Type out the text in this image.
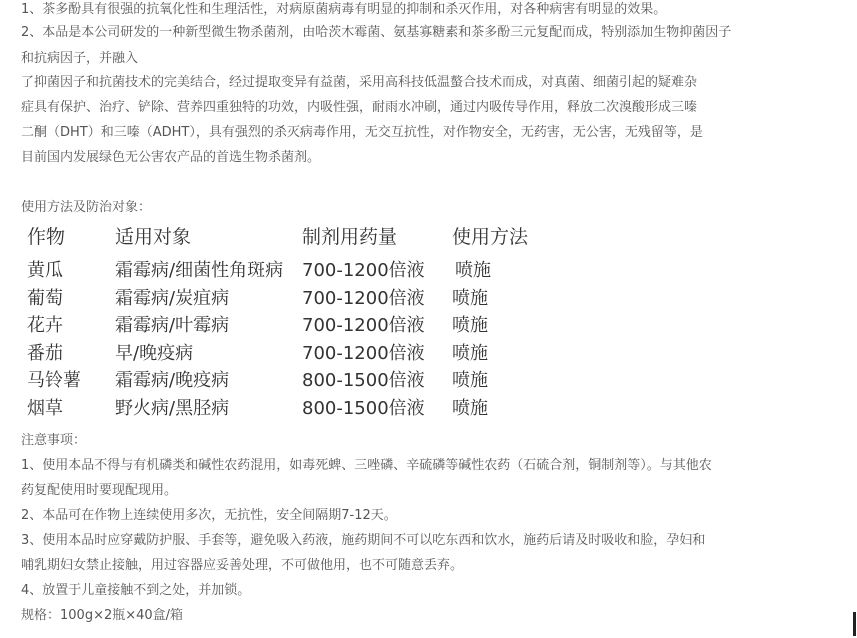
1、茶多酚具有很强的抗氧化性和生理活性，对病原菌病毒有明显的抑制和杀灭作用，对各种病害有明显的效果。
2、本品是本公司研发的一种新型微生物杀菌剂，由哈茨木霉菌、氨基寡糖素和茶多酚三元复配而成，特别添加生物抑菌因子
和抗病因子，并融入
了抑菌因子和抗菌技术的完美结合，经过提取变异有益菌，采用高科技低温螯合技术而成，对真菌、细菌引起的疑难杂
症具有保护、治疗、铲除、营养四重独特的功效，内吸性强，耐雨水冲刷，通过内吸传导作用，释放二次溴酸形成三嗪
二酮（DHT）和三嗪（ADHT），具有强烈的杀灭病毒作用，无交互抗性，对作物安全，无药害，无公害，无残留等，是
目前国内发展绿色无公害农产品的首选生物杀菌剂。
使用方法及防治对象：
作物	适用对象	制剂用药量	使用方法
黄瓜	霜霉病/细菌性角斑病 700-1200倍液 喷施
葡萄	霜霉病/炭疽病	700-1200倍液 喷施
花卉	霜霉病/叶霉病	700-1200倍液 喷施
番茄	早/晚疫病	700-1200倍液 喷施
马铃薯 霜霉病/晚疫病	800-1500倍液 喷施
烟草	野火病/黑胫病	800-1500倍液 喷施
注意事项：
1、使用本品不得与有机磷类和碱性农药混用，如毒死蜱、三唑磷、辛硫磷等碱性农药（石硫合剂，铜制剂等）。与其他农
药复配使用时要现配现用。
2、本品可在作物上连续使用多次，无抗性，安全间隔期7-12天。
3、使用本品时应穿戴防护服、手套等，避免吸入药液，施药期间不可以吃东西和饮水，施药后请及时吸收和脸，孕妇和
哺乳期妇女禁止接触，用过容器应妥善处理，不可做他用，也不可随意丢弃。
4、放置于儿童接触不到之处，并加锁。
规格：100g×2瓶×40盒/箱
